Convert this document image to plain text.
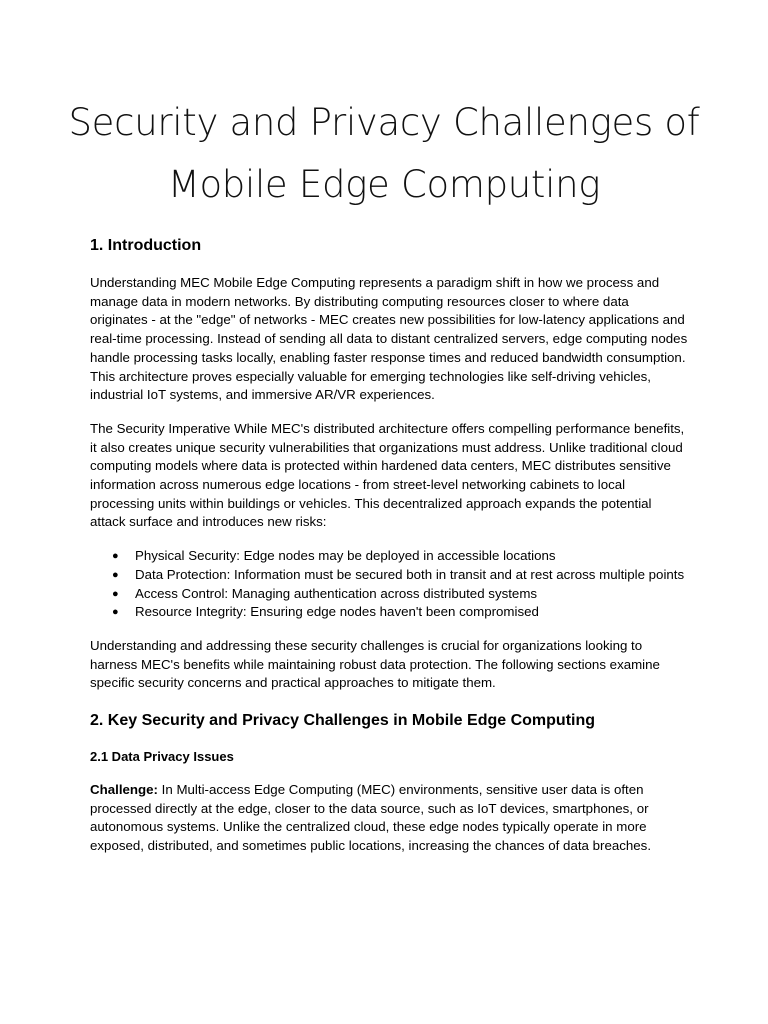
Security and Privacy Challenges of
Mobile Edge Computing
1. Introduction

Understanding MEC Mobile Edge Computing represents a paradigm shift in how we process and manage data in modern networks. By distributing computing resources closer to where data originates - at the "edge" of networks - MEC creates new possibilities for low-latency applications and real-time processing. Instead of sending all data to distant centralized servers, edge computing nodes handle processing tasks locally, enabling faster response times and reduced bandwidth consumption. This architecture proves especially valuable for emerging technologies like self-driving vehicles, industrial IoT systems, and immersive AR/VR experiences.

The Security Imperative While MEC's distributed architecture offers compelling performance benefits, it also creates unique security vulnerabilities that organizations must address. Unlike traditional cloud computing models where data is protected within hardened data centers, MEC distributes sensitive information across numerous edge locations - from street-level networking cabinets to local processing units within buildings or vehicles. This decentralized approach expands the potential attack surface and introduces new risks:

● Physical Security: Edge nodes may be deployed in accessible locations
● Data Protection: Information must be secured both in transit and at rest across multiple points
● Access Control: Managing authentication across distributed systems
● Resource Integrity: Ensuring edge nodes haven't been compromised

Understanding and addressing these security challenges is crucial for organizations looking to harness MEC's benefits while maintaining robust data protection. The following sections examine specific security concerns and practical approaches to mitigate them.

2. Key Security and Privacy Challenges in Mobile Edge Computing
2.1 Data Privacy Issues

Challenge: In Multi-access Edge Computing (MEC) environments, sensitive user data is often processed directly at the edge, closer to the data source, such as IoT devices, smartphones, or autonomous systems. Unlike the centralized cloud, these edge nodes typically operate in more exposed, distributed, and sometimes public locations, increasing the chances of data breaches.
